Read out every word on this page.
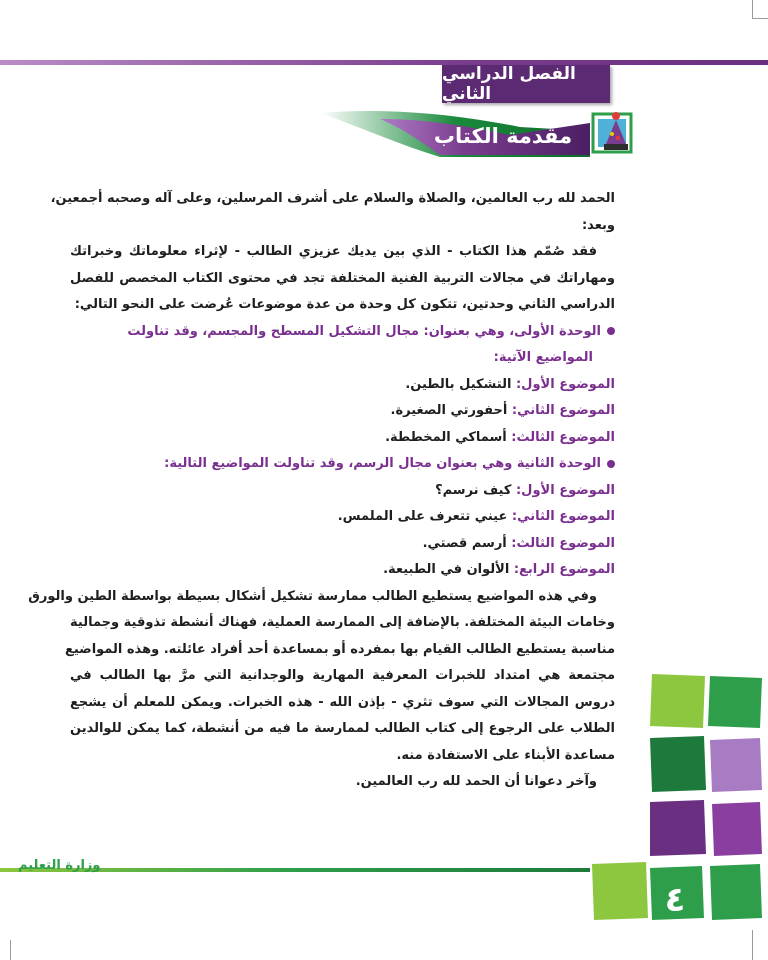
الفصل الدراسي الثاني
مقدمة الكتاب
الحمد لله رب العالمين، والصلاة والسلام على أشرف المرسلين، وعلى آله وصحبه أجمعين،
وبعد:
فقد صُمّم هذا الكتاب - الذي بين يديك عزيزي الطالب - لإثراء معلوماتك وخبراتك
ومهاراتك في مجالات التربية الفنية المختلفة تجد في محتوى الكتاب المخصص للفصل
الدراسي الثاني وحدتين، تتكون كل وحدة من عدة موضوعات عُرضت على النحو التالي:
الوحدة الأولى، وهي بعنوان: مجال التشكيل المسطح والمجسم، وقد تناولت
المواضيع الآتية:
الموضوع الأول: التشكيل بالطين.
الموضوع الثاني: أحفورتي الصغيرة.
الموضوع الثالث: أسماكي المخططة.
الوحدة الثانية وهي بعنوان مجال الرسم، وقد تناولت المواضيع التالية:
الموضوع الأول: كيف نرسم؟
الموضوع الثاني: عيني تتعرف على الملمس.
الموضوع الثالث: أرسم قصتي.
الموضوع الرابع: الألوان في الطبيعة.
وفي هذه المواضيع يستطيع الطالب ممارسة تشكيل أشكال بسيطة بواسطة الطين والورق
وخامات البيئة المختلفة. بالإضافة إلى الممارسة العملية، فهناك أنشطة تذوقية وجمالية
مناسبة يستطيع الطالب القيام بها بمفرده أو بمساعدة أحد أفراد عائلته. وهذه المواضيع
مجتمعة هي امتداد للخبرات المعرفية المهارية والوجدانية التي مرَّ بها الطالب في
دروس المجالات التي سوف تثري - بإذن الله - هذه الخبرات. ويمكن للمعلم أن يشجع
الطلاب على الرجوع إلى كتاب الطالب لممارسة ما فيه من أنشطة، كما يمكن للوالدين
مساعدة الأبناء على الاستفادة منه.
وآخر دعوانا أن الحمد لله رب العالمين.
وزارة التعليم
٤
